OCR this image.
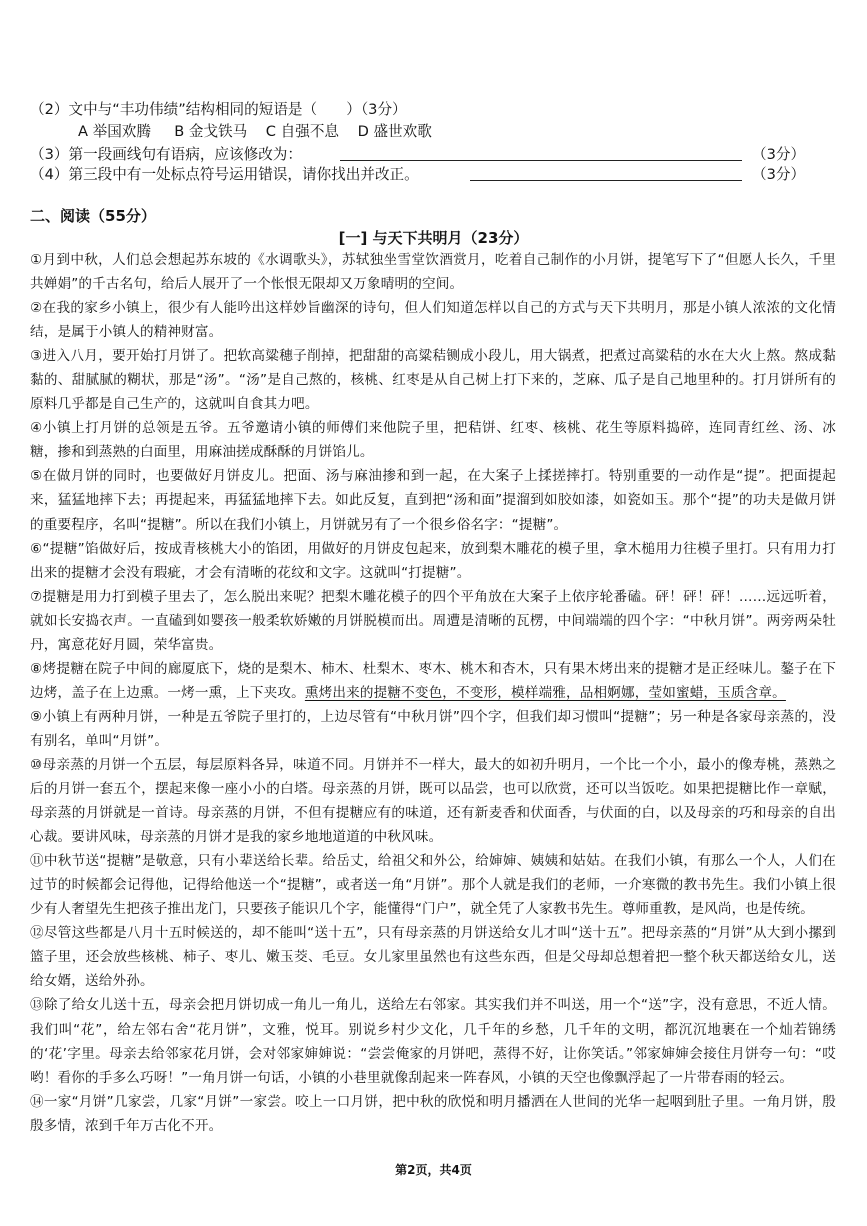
（2）文中与“丰功伟绩”结构相同的短语是（　　）（3分）
A 举国欢腾 B 金戈铁马 C 自强不息 D 盛世欢歌
（3）第一段画线句有语病，应该修改为：	（3分）
（4）第三段中有一处标点符号运用错误，请你找出并改正。	（3分）
二、阅读（55分）
[一] 与天下共明月（23分）
①月到中秋，人们总会想起苏东坡的《水调歌头》，苏轼独坐雪堂饮酒赏月，吃着自己制作的小月饼，提笔写下了“但愿人长久，千里共婵娟”的千古名句，给后人展开了一个怅恨无限却又万象晴明的空间。
②在我的家乡小镇上，很少有人能吟出这样妙旨幽深的诗句，但人们知道怎样以自己的方式与天下共明月，那是小镇人浓浓的文化情结，是属于小镇人的精神财富。
③进入八月，要开始打月饼了。把软高粱穗子削掉，把甜甜的高粱秸铡成小段儿，用大锅煮，把煮过高粱秸的水在大火上熬。熬成黏黏的、甜腻腻的糊状，那是“汤”。“汤”是自己熬的，核桃、红枣是从自己树上打下来的，芝麻、瓜子是自己地里种的。打月饼所有的原料几乎都是自己生产的，这就叫自食其力吧。
④小镇上打月饼的总领是五爷。五爷邀请小镇的师傅们来他院子里，把秸饼、红枣、核桃、花生等原料捣碎，连同青红丝、汤、冰糖，掺和到蒸熟的白面里，用麻油搓成酥酥的月饼馅儿。
⑤在做月饼的同时，也要做好月饼皮儿。把面、汤与麻油掺和到一起，在大案子上揉搓摔打。特别重要的一动作是“提”。把面提起来，猛猛地摔下去；再提起来，再猛猛地摔下去。如此反复，直到把“汤和面”提溜到如胶如漆，如瓷如玉。那个“提”的功夫是做月饼的重要程序，名叫“提糖”。所以在我们小镇上，月饼就另有了一个很乡俗名字：“提糖”。
⑥“提糖”馅做好后，按成青核桃大小的馅团，用做好的月饼皮包起来，放到梨木雕花的模子里，拿木槌用力往模子里打。只有用力打出来的提糖才会没有瑕疵，才会有清晰的花纹和文字。这就叫“打提糖”。
⑦提糖是用力打到模子里去了，怎么脱出来呢？把梨木雕花模子的四个平角放在大案子上依序轮番磕。砰！砰！砰！……远远听着，就如长安捣衣声。一直磕到如婴孩一般柔软娇嫩的月饼脱模而出。周遭是清晰的瓦楞，中间端端的四个字：“中秋月饼”。两旁两朵牡丹，寓意花好月圆，荣华富贵。
⑧烤提糖在院子中间的廊厦底下，烧的是梨木、柿木、杜梨木、枣木、桃木和杏木，只有果木烤出来的提糖才是正经味儿。鏊子在下边烤，盖子在上边熏。一烤一熏，上下夹攻。熏烤出来的提糖不变色，不变形，模样端雅，品相婀娜，莹如蜜蜡，玉质含章。
⑨小镇上有两种月饼，一种是五爷院子里打的，上边尽管有“中秋月饼”四个字，但我们却习惯叫“提糖”；另一种是各家母亲蒸的，没有别名，单叫“月饼”。
⑩母亲蒸的月饼一个五层，每层原料各异，味道不同。月饼并不一样大，最大的如初升明月，一个比一个小，最小的像寿桃，蒸熟之后的月饼一套五个，摆起来像一座小小的白塔。母亲蒸的月饼，既可以品尝，也可以欣赏，还可以当饭吃。如果把提糖比作一章赋，母亲蒸的月饼就是一首诗。母亲蒸的月饼，不但有提糖应有的味道，还有新麦香和伏面香，与伏面的白，以及母亲的巧和母亲的自出心裁。要讲风味，母亲蒸的月饼才是我的家乡地地道道的中秋风味。
⑪中秋节送“提糖”是敬意，只有小辈送给长辈。给岳丈，给祖父和外公，给婶婶、姨姨和姑姑。在我们小镇，有那么一个人，人们在过节的时候都会记得他，记得给他送一个“提糖”，或者送一角“月饼”。那个人就是我们的老师，一介寒微的教书先生。我们小镇上很少有人奢望先生把孩子推出龙门，只要孩子能识几个字，能懂得“门户”，就全凭了人家教书先生。尊师重教，是风尚，也是传统。
⑫尽管这些都是八月十五时候送的，却不能叫“送十五”，只有母亲蒸的月饼送给女儿才叫“送十五”。把母亲蒸的“月饼”从大到小摞到篮子里，还会放些核桃、柿子、枣儿、嫩玉茭、毛豆。女儿家里虽然也有这些东西，但是父母却总想着把一整个秋天都送给女儿，送给女婿，送给外孙。
⑬除了给女儿送十五，母亲会把月饼切成一角儿一角儿，送给左右邻家。其实我们并不叫送，用一个“送”字，没有意思，不近人情。我们叫“花”，给左邻右舍“花月饼”，文雅，悦耳。别说乡村少文化，几千年的乡愁，几千年的文明，都沉沉地裹在一个灿若锦绣的‘花’字里。母亲去给邻家花月饼，会对邻家婶婶说：“尝尝俺家的月饼吧，蒸得不好，让你笑话。”邻家婶婶会接住月饼夸一句：“哎哟！看你的手多么巧呀！”一角月饼一句话，小镇的小巷里就像刮起来一阵春风，小镇的天空也像飘浮起了一片带春雨的轻云。
⑭一家“月饼”几家尝，几家“月饼”一家尝。咬上一口月饼，把中秋的欣悦和明月播洒在人世间的光华一起咽到肚子里。一角月饼，殷殷多情，浓到千年万古化不开。
第2页，共4页
